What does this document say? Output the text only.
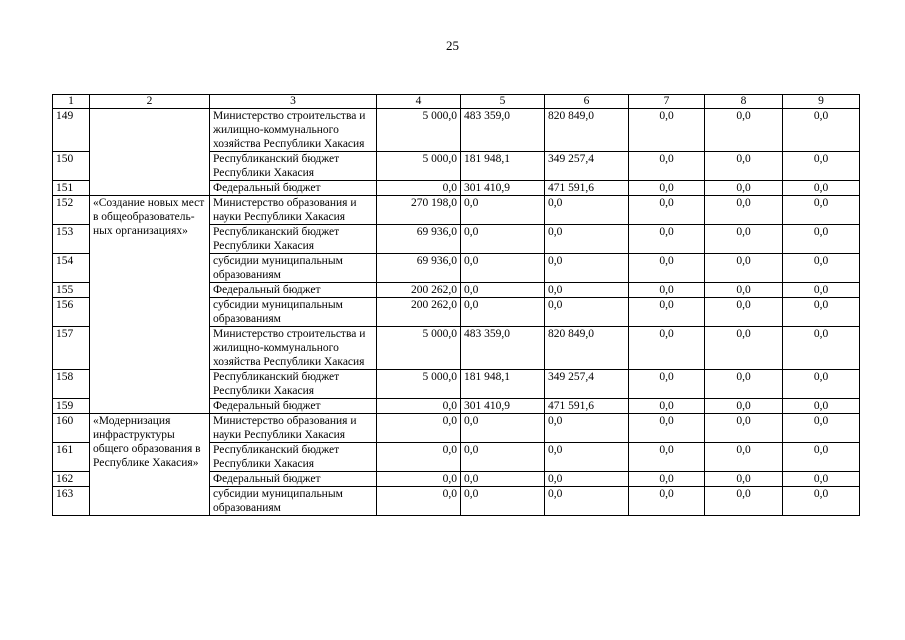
25
1	2	3	4	5	6	7	8	9
149		Министерство строительства и жилищно-коммунального хозяйства Республики Хакасия	5 000,0	483 359,0	820 849,0	0,0	0,0	0,0
150		Республиканский бюджет Республики Хакасия	5 000,0	181 948,1	349 257,4	0,0	0,0	0,0
151		Федеральный бюджет	0,0	301 410,9	471 591,6	0,0	0,0	0,0
152	«Создание новых мест в общеобразователь-ных организациях»	Министерство образования и науки Республики Хакасия	270 198,0	0,0	0,0	0,0	0,0	0,0
153		Республиканский бюджет Республики Хакасия	69 936,0	0,0	0,0	0,0	0,0	0,0
154		субсидии муниципальным образованиям	69 936,0	0,0	0,0	0,0	0,0	0,0
155		Федеральный бюджет	200 262,0	0,0	0,0	0,0	0,0	0,0
156		субсидии муниципальным образованиям	200 262,0	0,0	0,0	0,0	0,0	0,0
157		Министерство строительства и жилищно-коммунального хозяйства Республики Хакасия	5 000,0	483 359,0	820 849,0	0,0	0,0	0,0
158		Республиканский бюджет Республики Хакасия	5 000,0	181 948,1	349 257,4	0,0	0,0	0,0
159		Федеральный бюджет	0,0	301 410,9	471 591,6	0,0	0,0	0,0
160	«Модернизация инфраструктуры общего образования в Республике Хакасия»	Министерство образования и науки Республики Хакасия	0,0	0,0	0,0	0,0	0,0	0,0
161		Республиканский бюджет Республики Хакасия	0,0	0,0	0,0	0,0	0,0	0,0
162		Федеральный бюджет	0,0	0,0	0,0	0,0	0,0	0,0
163		субсидии муниципальным образованиям	0,0	0,0	0,0	0,0	0,0	0,0
